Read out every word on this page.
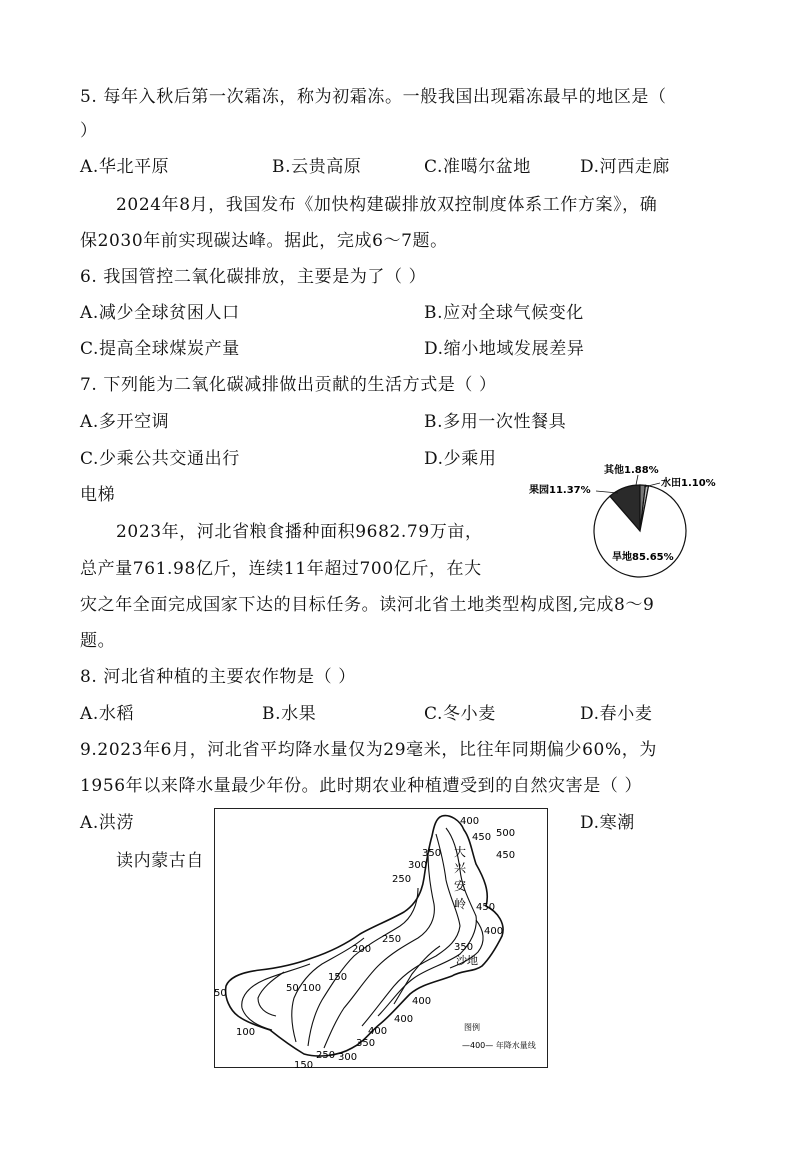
5. 每年入秋后第一次霜冻，称为初霜冻。一般我国出现霜冻最早的地区是（
）
A.华北平原	B.云贵高原	C.准噶尔盆地	D.河西走廊
2024年8月，我国发布《加快构建碳排放双控制度体系工作方案》，确
保2030年前实现碳达峰。据此，完成6～7题。
6. 我国管控二氧化碳排放，主要是为了（ ）
A.减少全球贫困人口	B.应对全球气候变化
C.提高全球煤炭产量	D.缩小地域发展差异
7. 下列能为二氧化碳减排做出贡献的生活方式是（ ）
A.多开空调	B.多用一次性餐具
C.少乘公共交通出行	D.少乘用
电梯
2023年，河北省粮食播种面积9682.79万亩，
总产量761.98亿斤，连续11年超过700亿斤，在大
灾之年全面完成国家下达的目标任务。读河北省土地类型构成图,完成8～9
题。
其他1.88%
水田1.10%
果园11.37%
旱地85.65%
8. 河北省种植的主要农作物是（ ）
A.水稻	B.水果	C.冬小麦	D.春小麦
9.2023年6月，河北省平均降水量仅为29毫米，比往年同期偏少60%，为
1956年以来降水量最少年份。此时期农业种植遭受到的自然灾害是（ ）
A.洪涝	D.寒潮
读内蒙古自
400
500
450
450
350
300
250
450
400
250
350
200
150
50 100
50
100
400
400
400
350
150
250 300
大
兴
安
岭
沙地
图例
—400— 年降水量线
